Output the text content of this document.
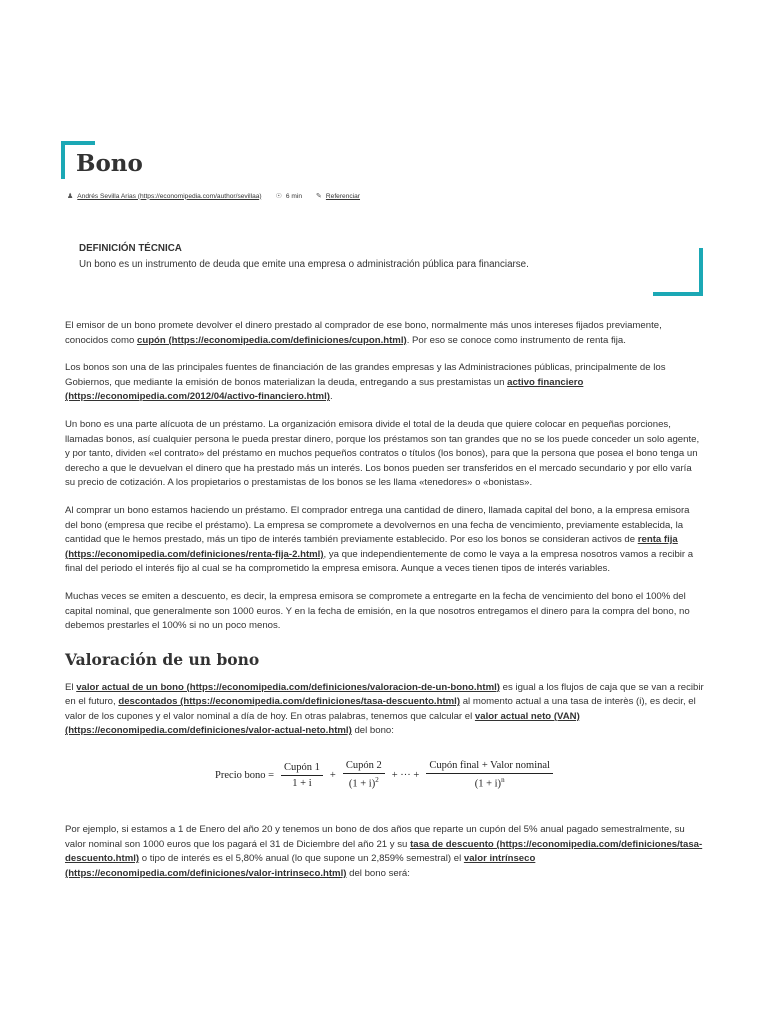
Bono
♟ Andrés Sevilla Arias (https://economipedia.com/author/sevillaa) ☉ 6 min ✎ Referenciar

DEFINICIÓN TÉCNICA

Un bono es un instrumento de deuda que emite una empresa o administración pública para financiarse.

El emisor de un bono promete devolver el dinero prestado al comprador de ese bono, normalmente más unos intereses fijados previamente, conocidos como cupón (https://economipedia.com/definiciones/cupon.html). Por eso se conoce como instrumento de renta fija.

Los bonos son una de las principales fuentes de financiación de las grandes empresas y las Administraciones públicas, principalmente de los Gobiernos, que mediante la emisión de bonos materializan la deuda, entregando a sus prestamistas un activo financiero (https://economipedia.com/2012/04/activo-financiero.html).

Un bono es una parte alícuota de un préstamo. La organización emisora divide el total de la deuda que quiere colocar en pequeñas porciones, llamadas bonos, así cualquier persona le pueda prestar dinero, porque los préstamos son tan grandes que no se los puede conceder un solo agente, y por tanto, dividen «el contrato» del préstamo en muchos pequeños contratos o títulos (los bonos), para que la persona que posea el bono tenga un derecho a que le devuelvan el dinero que ha prestado más un interés. Los bonos pueden ser transferidos en el mercado secundario y por ello varía su precio de cotización. A los propietarios o prestamistas de los bonos se les llama «tenedores» o «bonistas».

Al comprar un bono estamos haciendo un préstamo. El comprador entrega una cantidad de dinero, llamada capital del bono, a la empresa emisora del bono (empresa que recibe el préstamo). La empresa se compromete a devolvernos en una fecha de vencimiento, previamente establecida, la cantidad que le hemos prestado, más un tipo de interés también previamente establecido. Por eso los bonos se consideran activos de renta fija (https://economipedia.com/definiciones/renta-fija-2.html), ya que independientemente de como le vaya a la empresa nosotros vamos a recibir a final del periodo el interés fijo al cual se ha comprometido la empresa emisora. Aunque a veces tienen tipos de interés variables.

Muchas veces se emiten a descuento, es decir, la empresa emisora se compromete a entregarte en la fecha de vencimiento del bono el 100% del capital nominal, que generalmente son 1000 euros. Y en la fecha de emisión, en la que nosotros entregamos el dinero para la compra del bono, no debemos prestarles el 100% si no un poco menos.

Valoración de un bono

El valor actual de un bono (https://economipedia.com/definiciones/valoracion-de-un-bono.html) es igual a los flujos de caja que se van a recibir en el futuro, descontados (https://economipedia.com/definiciones/tasa-descuento.html) al momento actual a una tasa de interès (i), es decir, el valor de los cupones y el valor nominal a día de hoy. En otras palabras, tenemos que calcular el valor actual neto (VAN) (https://economipedia.com/definiciones/valor-actual-neto.html) del bono:

Precio bono = $\frac{\text{Cupón 1}}{1 + i} + \frac{\text{Cupón 2}}{(1 + i)^2}$ + ··· + $\frac{\text{Cupón final + Valor nominal}}{(1 + i)^n}$

Por ejemplo, si estamos a 1 de Enero del año 20 y tenemos un bono de dos años que reparte un cupón del 5% anual pagado semestralmente, su valor nominal son 1000 euros que los pagará el 31 de Diciembre del año 21 y su tasa de descuento (https://economipedia.com/definiciones/tasa-descuento.html) o tipo de interés es el 5,80% anual (lo que supone un 2,859% semestral) el valor intrínseco (https://economipedia.com/definiciones/valor-intrinseco.html) del bono será:
